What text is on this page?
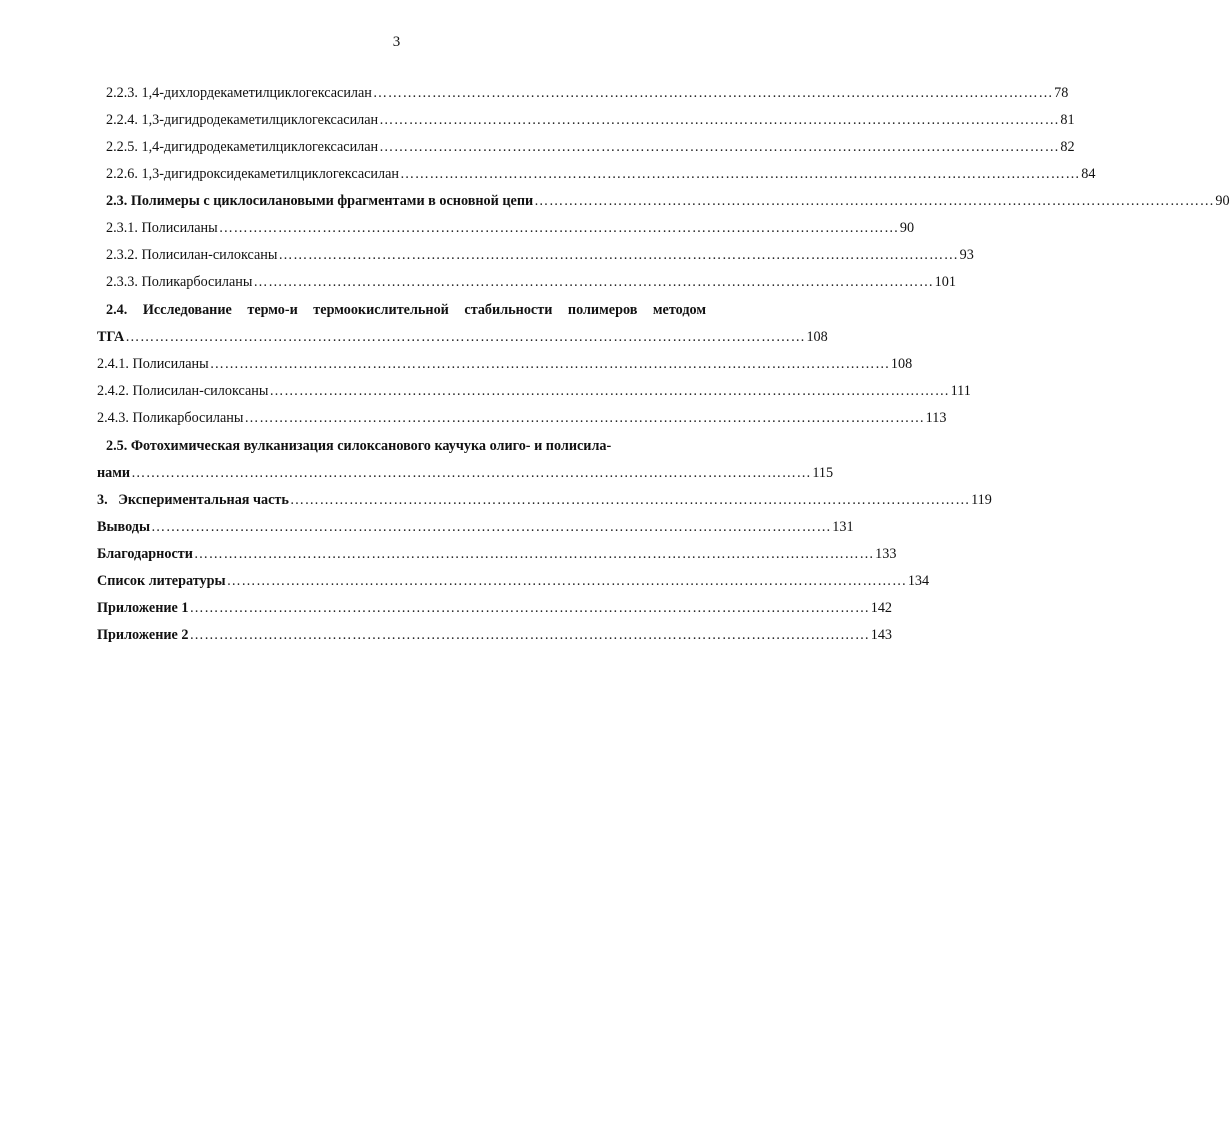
3
2.2.3. 1,4-дихлордекаметилциклогексасилан ………………………………………………………………………………………………………………………… 78
2.2.4. 1,3-дигидродекаметилциклогексасилан ………………………………………………………………………………………………………………………… 81
2.2.5. 1,4-дигидродекаметилциклогексасилан ………………………………………………………………………………………………………………………… 82
2.2.6. 1,3-дигидроксидекаметилциклогексасилан ………………………………………………………………………………………………………………………… 84
2.3. Полимеры с циклосилановыми фрагментами в основной цепи ………………………………………………………………………………………………………………………… 90
2.3.1. Полисиланы ………………………………………………………………………………………………………………………… 90
2.3.2. Полисилан-силоксаны ………………………………………………………………………………………………………………………… 93
2.3.3. Поликарбосиланы ………………………………………………………………………………………………………………………… 101
2.4. Исследование термо-и термоокислительной стабильности полимеров методом
ТГА ………………………………………………………………………………………………………………………… 108
2.4.1. Полисиланы ………………………………………………………………………………………………………………………… 108
2.4.2. Полисилан-силоксаны ………………………………………………………………………………………………………………………… 111
2.4.3. Поликарбосиланы ………………………………………………………………………………………………………………………… 113
2.5. Фотохимическая вулканизация силоксанового каучука олиго- и полисила-
нами ………………………………………………………………………………………………………………………… 115
3.   Экспериментальная часть ………………………………………………………………………………………………………………………… 119
Выводы ………………………………………………………………………………………………………………………… 131
Благодарности ………………………………………………………………………………………………………………………… 133
Список литературы ………………………………………………………………………………………………………………………… 134
Приложение 1 ………………………………………………………………………………………………………………………… 142
Приложение 2 ………………………………………………………………………………………………………………………… 143
